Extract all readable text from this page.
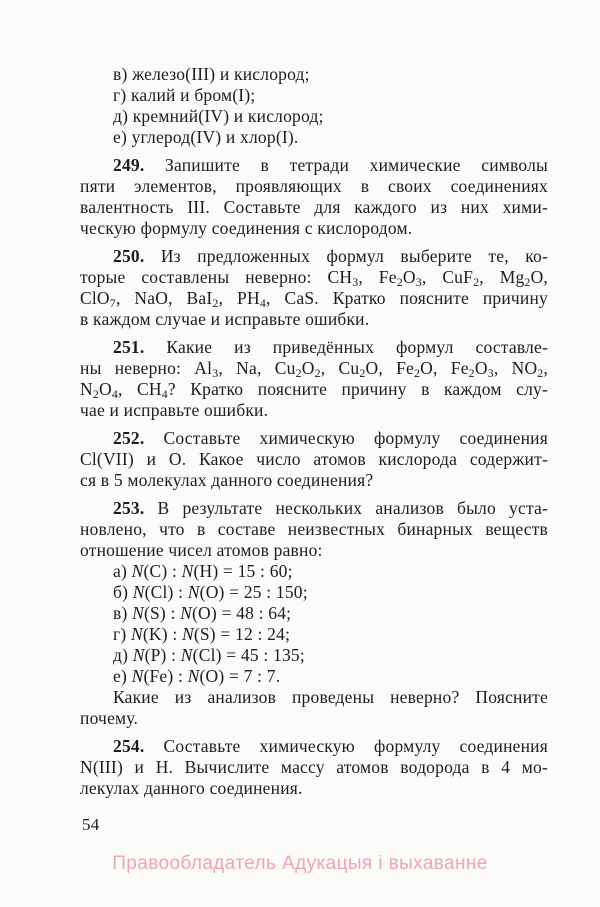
в) железо(III) и кислород;
г) калий и бром(I);
д) кремний(IV) и кислород;
е) углерод(IV) и хлор(I).
249. Запишите в тетради химические символы
пяти элементов, проявляющих в своих соединениях
валентность III. Составьте для каждого из них хими-
ческую формулу соединения с кислородом.
250. Из предложенных формул выберите те, ко-
торые составлены неверно: $CH_3$, $Fe_2O_3$, CuF$_2$, $Mg_2O$,
ClO$_7$, NaO, BaI$_2$, $PH_4$, CaS. Кратко поясните причину
в каждом случае и исправьте ошибки.
251. Какие из приведённых формул составле-
ны неверно: $Al_3$, Na, $Cu_2O_2$, $Cu_2O$, $Fe_2O$, $Fe_2O_3$, $NO_2$,
$N_2O_4$, $CH_4$? Кратко поясните причину в каждом слу-
чае и исправьте ошибки.
252. Составьте химическую формулу соединения
Cl(VII) и O. Какое число атомов кислорода содержит-
ся в 5 молекулах данного соединения?
253. В результате нескольких анализов было уста-
новлено, что в составе неизвестных бинарных веществ
отношение чисел атомов равно:
а) N(C) : N(H) = 15 : 60;
б) N(Cl) : N(O) = 25 : 150;
в) N(S) : N(O) = 48 : 64;
г) N(K) : N(S) = 12 : 24;
д) N(P) : N(Cl) = 45 : 135;
е) N(Fe) : N(O) = 7 : 7.
Какие из анализов проведены неверно? Поясните
почему.
254. Составьте химическую формулу соединения
N(III) и H. Вычислите массу атомов водорода в 4 мо-
лекулах данного соединения.
54
Правообладатель Адукацыя і выхаванне
